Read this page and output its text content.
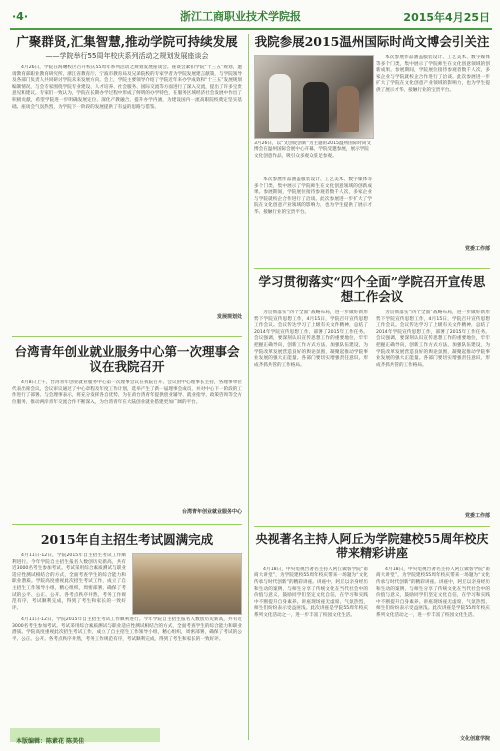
·4·	浙江工商职业技术学院报	2015年4月25日
广聚群贤,汇集智慧,推动学院可持续发展
——学院举行55周年校庆系列活动之规划发展座谈会

4月26日，学院在海曙校区召开校庆55周年系列活动之规划发展座谈会。座谈会紧扣学院“十三五”规划，邀请教育部职业教育研究所、浙江省教育厅、宁波市教育局及兄弟院校的专家学者为学院发展建言献策，与学院领导及各部门负责人共同研讨学院未来发展方向。会上，学院主要领导介绍了学院近年来办学成效和“十三五”发展规划编制情况，与会专家围绕学院专业建设、人才培养、社会服务、国际交流等方面进行了深入交流，提出了许多宝贵意见和建议。专家们一致认为，学院在长期办学过程中形成了鲜明的办学特色，在服务区域经济社会发展中作出了积极贡献，希望学院进一步明确发展定位，深化产教融合，提升办学内涵，为建设国内一流高职院校奠定坚实基础。座谈会气氛热烈，为学院下一阶段的发展提供了有益的思路与借鉴。

发展规划处
台湾青年创业就业服务中心第一次理事会议在我院召开

4月8日上午，台湾青年创业就业服务中心第一次理事会议在我院召开。会议由中心理事长主持，各理事单位代表出席会议。会议审议通过了中心章程及年度工作计划，选举产生了新一届理事会成员，并对中心下一阶段的工作进行了部署。与会理事表示，将充分发挥各自优势，为在甬台湾青年提供创业辅导、就业指导、政策咨询等全方位服务，推动两岸青年交流合作不断深入，为台湾青年在大陆创业就业搭建更加广阔的平台。

台湾青年创业就业服务中心
2015年自主招生考试圆满完成

4月11日-12日，学院2015年自主招生考试工作顺利进行。今年学院自主招生报名人数创历史新高，共有近3000名考生参加考试。考试采用综合素质测试与职业适应性测试相结合的方式，全面考查学生的综合能力和职业潜质。学院高度重视此次招生考试工作，成立了自主招生工作领导小组，精心组织，周密部署，确保了考试的公平、公正、公开。各考点秩序井然，考务工作规范有序，考试顺利完成，得到了考生和家长的一致好评。

4月11日-12日，学院2015年自主招生考试工作顺利进行。今年学院自主招生报名人数创历史新高，共有近3000名考生参加考试。考试采用综合素质测试与职业适应性测试相结合的方式，全面考查学生的综合能力和职业潜质。学院高度重视此次招生考试工作，成立了自主招生工作领导小组，精心组织，周密部署，确保了考试的公平、公正、公开。各考点秩序井然，考务工作规范有序，考试顺利完成，得到了考生和家长的一致好评。

本版编辑：陈素花 陈美佳
我院参展2015温州国际时尚文博会引关注
3月26日，以“文创促创新”为主题的2015温州国际时尚文博会在温州国际会展中心开幕，学院受邀参展，展示学院文化创意作品，吸引众多观众驻足参观。

本次参展作品涵盖服装设计、工艺美术、数字媒体等多个门类，集中展示了学院师生在文化创意领域的创新成果。参展期间，学院展位接待参观者数千人次，多家企业与学院就校企合作进行了洽谈。此次参展进一步扩大了学院在文化创意产业领域的影响力，也为学生提供了展示才华、接触行业的宝贵平台。

本次参展作品涵盖服装设计、工艺美术、数字媒体等多个门类，集中展示了学院师生在文化创意领域的创新成果。参展期间，学院展位接待参观者数千人次，多家企业与学院就校企合作进行了洽谈。此次参展进一步扩大了学院在文化创意产业领域的影响力，也为学生提供了展示才华、接触行业的宝贵平台。

党委工作部
学习贯彻落实“四个全面”学院召开宣传思想工作会议

为贯彻落实“四个全面”战略布局，进一步做好新形势下学院宣传思想工作，4月15日，学院召开宣传思想工作会议。会议传达学习了上级有关文件精神，总结了2014年学院宣传思想工作，部署了2015年工作任务。会议强调，要深刻认识宣传思想工作的重要地位，牢牢把握正确导向，创新工作方式方法，加强队伍建设，为学院改革发展营造良好的舆论氛围，凝聚起推动学院事业发展的强大正能量。各部门要切实增强责任意识，形成齐抓共管的工作格局。

为贯彻落实“四个全面”战略布局，进一步做好新形势下学院宣传思想工作，4月15日，学院召开宣传思想工作会议。会议传达学习了上级有关文件精神，总结了2014年学院宣传思想工作，部署了2015年工作任务。会议强调，要深刻认识宣传思想工作的重要地位，牢牢把握正确导向，创新工作方式方法，加强队伍建设，为学院改革发展营造良好的舆论氛围，凝聚起推动学院事业发展的强大正能量。各部门要切实增强责任意识，形成齐抓共管的工作格局。

党委工作部
央视著名主持人阿丘为学院建校55周年校庆带来精彩讲座

4月18日，中央电视台著名主持人阿丘做客学院“甬商大讲堂”，为学院建校55周年校庆带来一场题为“文化传承与时代创新”的精彩讲座。讲座中，阿丘以亲身经历和生动的案例，与师生分享了传统文化在当代社会中的价值与意义，鼓励同学们坚定文化自信，在学习和实践中不断提升自身素养。讲座现场座无虚席，气氛热烈，师生们纷纷表示受益匪浅。此次讲座是学院55周年校庆系列文化活动之一，进一步丰富了校园文化生活。

4月18日，中央电视台著名主持人阿丘做客学院“甬商大讲堂”，为学院建校55周年校庆带来一场题为“文化传承与时代创新”的精彩讲座。讲座中，阿丘以亲身经历和生动的案例，与师生分享了传统文化在当代社会中的价值与意义，鼓励同学们坚定文化自信，在学习和实践中不断提升自身素养。讲座现场座无虚席，气氛热烈，师生们纷纷表示受益匪浅。此次讲座是学院55周年校庆系列文化活动之一，进一步丰富了校园文化生活。

文化创意学院
